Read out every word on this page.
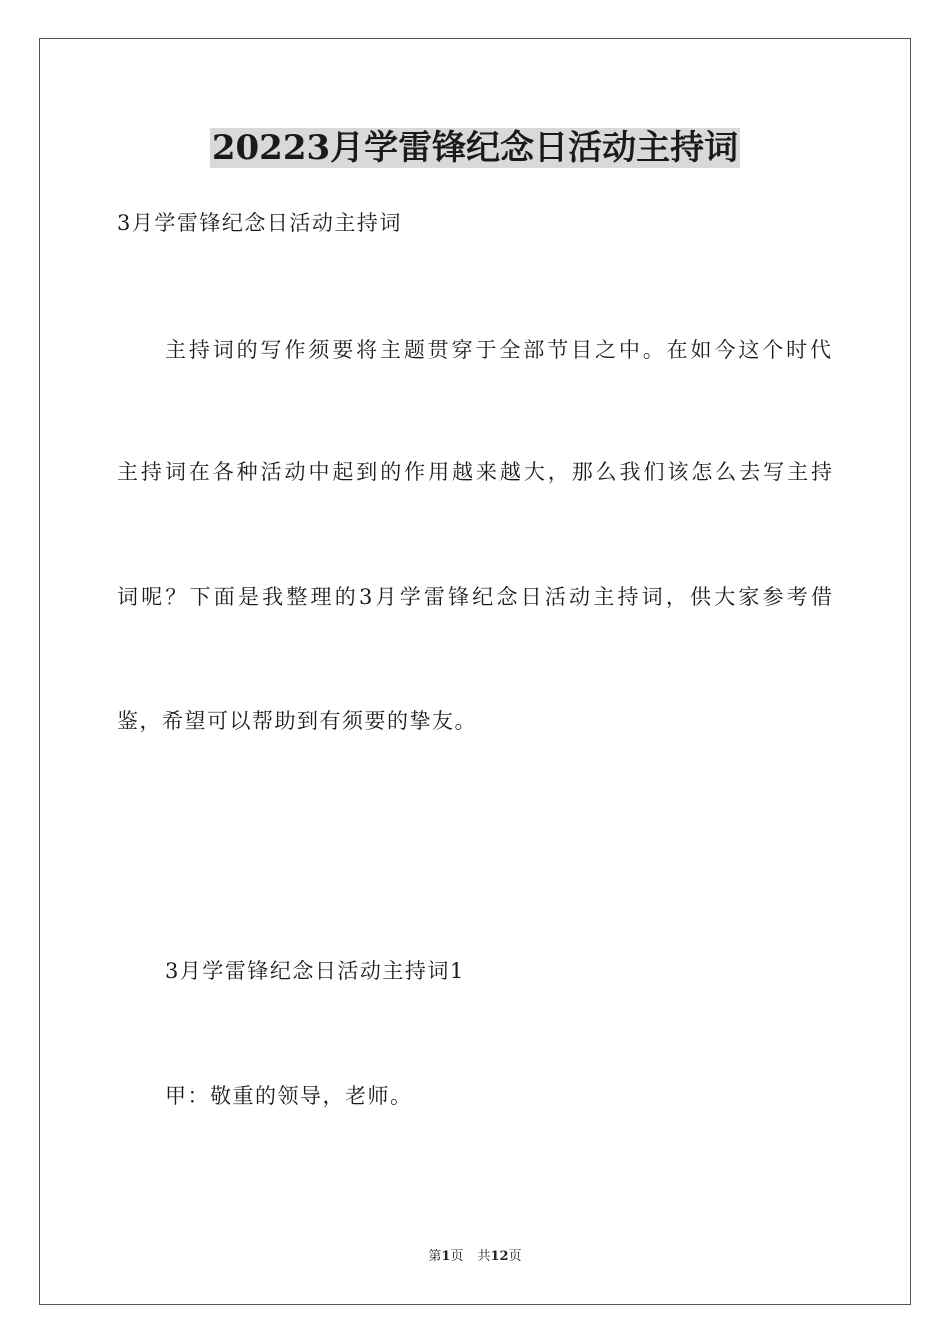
20223月学雷锋纪念日活动主持词
3月学雷锋纪念日活动主持词
主持词的写作须要将主题贯穿于全部节目之中。在如今这个时代
主持词在各种活动中起到的作用越来越大，那么我们该怎么去写主持
词呢？下面是我整理的3月学雷锋纪念日活动主持词，供大家参考借
鉴，希望可以帮助到有须要的挚友。
3月学雷锋纪念日活动主持词1
甲：敬重的领导，老师。
第1页 共12页
